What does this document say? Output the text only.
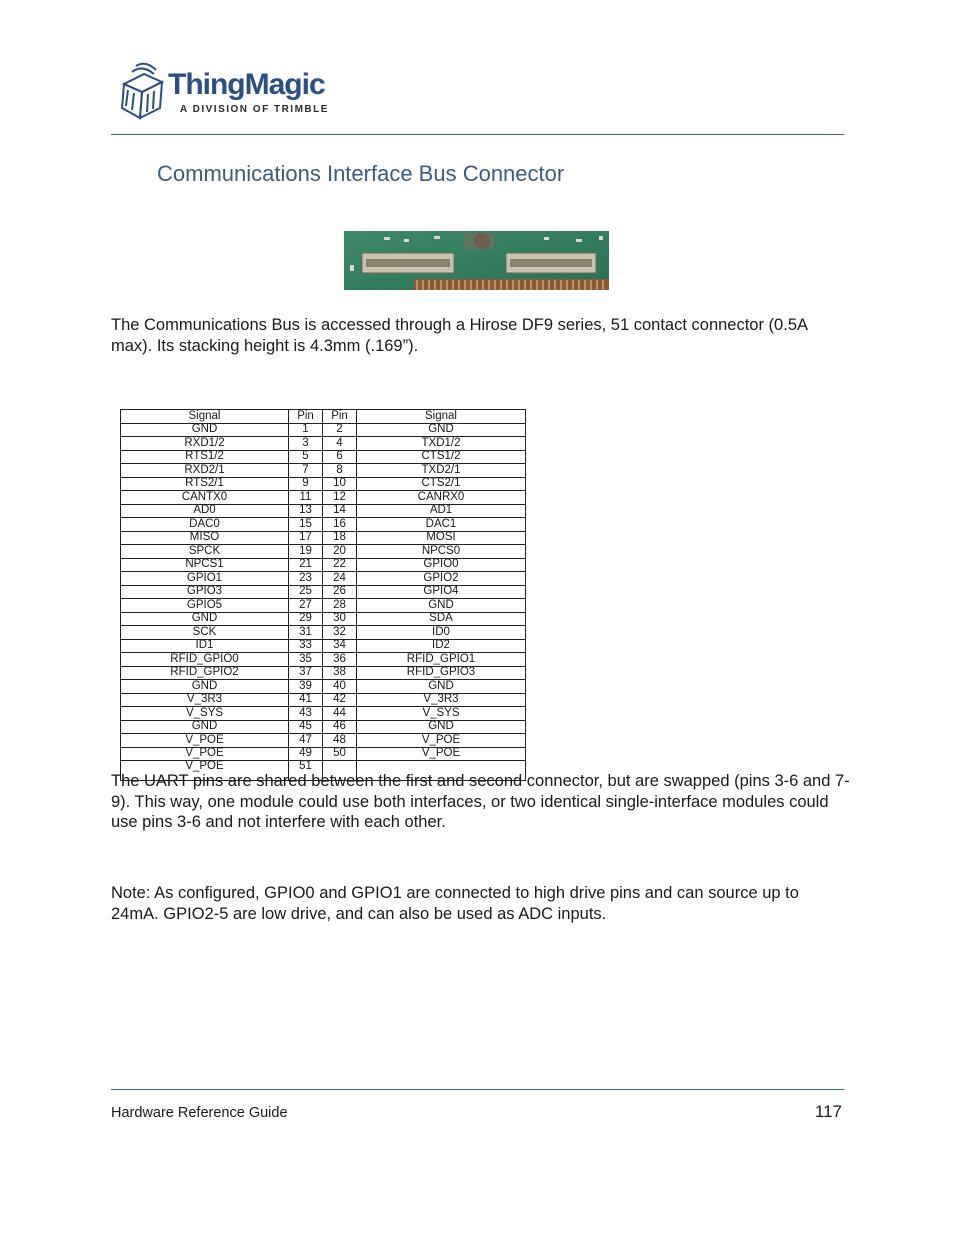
ThingMagic
A DIVISION OF TRIMBLE
Communications Interface Bus Connector

The Communications Bus is accessed through a Hirose DF9 series, 51 contact connector (0.5A max). Its stacking height is 4.3mm (.169”).

Signal	Pin	Pin	Signal
GND	1	2	GND
RXD1/2	3	4	TXD1/2
RTS1/2	5	6	CTS1/2
RXD2/1	7	8	TXD2/1
RTS2/1	9	10	CTS2/1
CANTX0	11	12	CANRX0
AD0	13	14	AD1
DAC0	15	16	DAC1
MISO	17	18	MOSI
SPCK	19	20	NPCS0
NPCS1	21	22	GPIO0
GPIO1	23	24	GPIO2
GPIO3	25	26	GPIO4
GPIO5	27	28	GND
GND	29	30	SDA
SCK	31	32	ID0
ID1	33	34	ID2
RFID_GPIO0	35	36	RFID_GPIO1
RFID_GPIO2	37	38	RFID_GPIO3
GND	39	40	GND
V_3R3	41	42	V_3R3
V_SYS	43	44	V_SYS
GND	45	46	GND
V_POE	47	48	V_POE
V_POE	49	50	V_POE
V_POE	51		

The UART pins are shared between the first and second connector, but are swapped (pins 3-6 and 7-9). This way, one module could use both interfaces, or two identical single-interface modules could use pins 3-6 and not interfere with each other.

Note: As configured, GPIO0 and GPIO1 are connected to high drive pins and can source up to 24mA. GPIO2-5 are low drive, and can also be used as ADC inputs.

Hardware Reference Guide	117
